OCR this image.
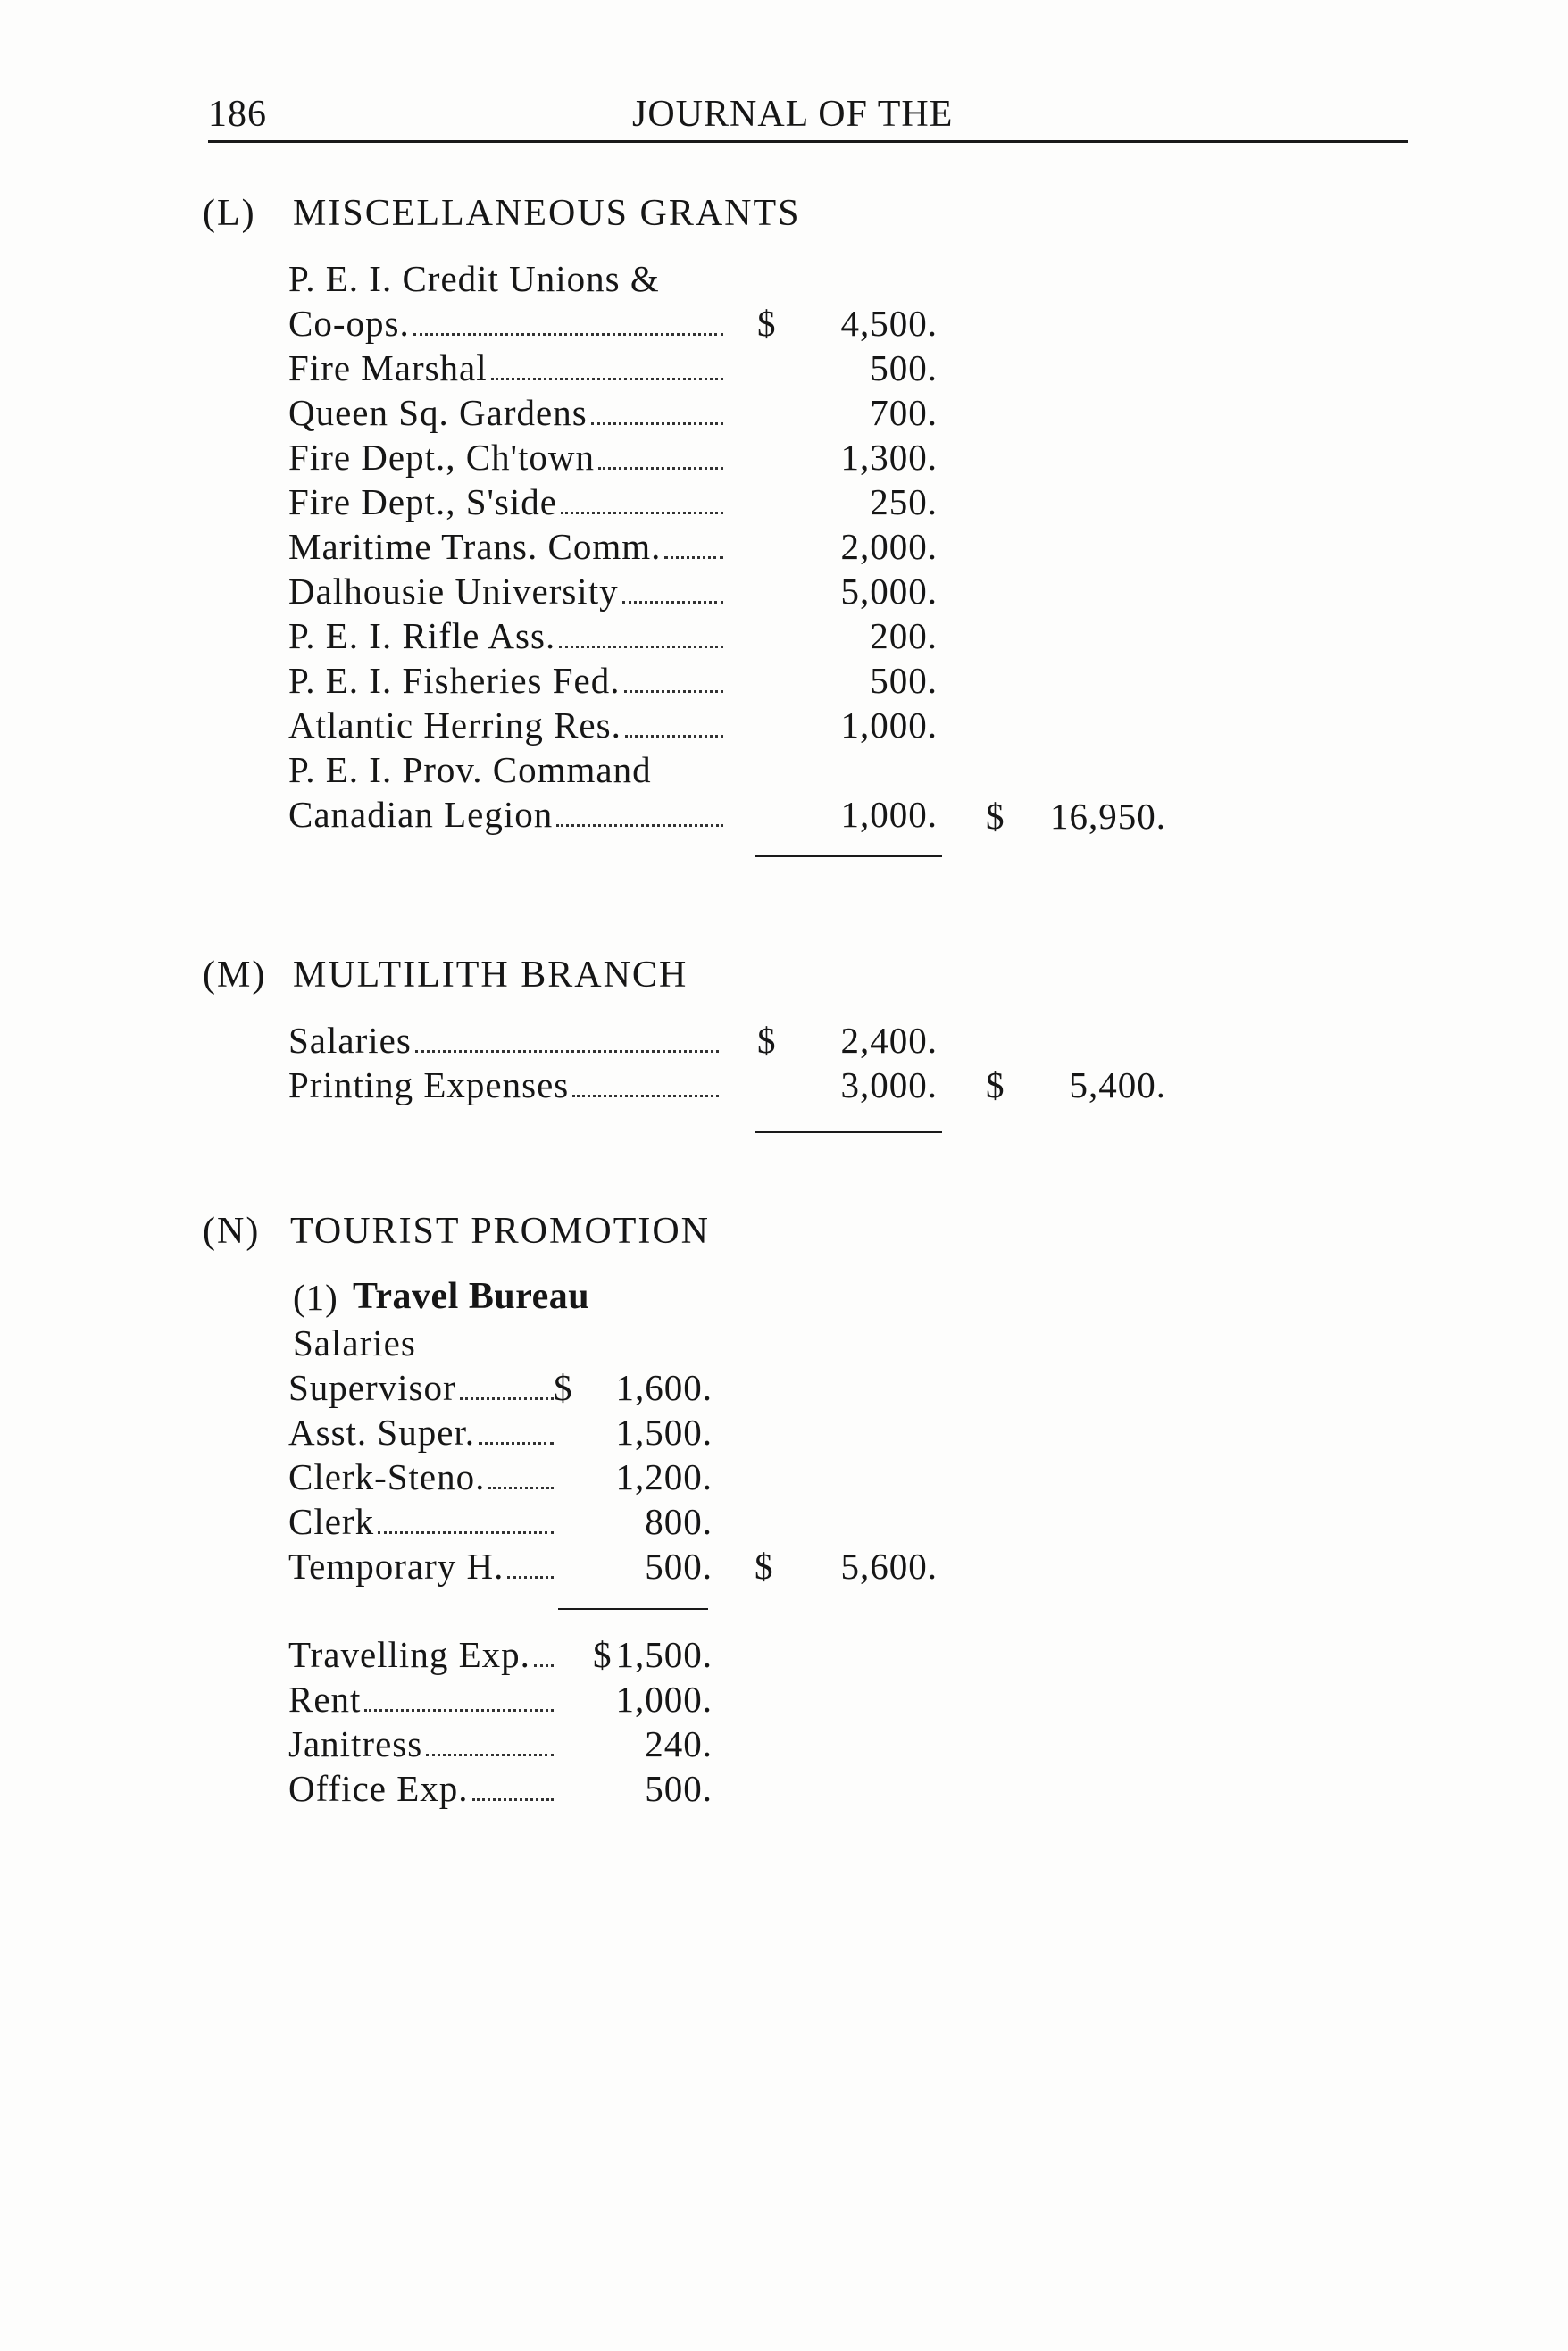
186	JOURNAL OF THE
(L) MISCELLANEOUS GRANTS
P. E. I. Credit Unions &
Co-ops.	$ 4,500.
Fire Marshal	500.
Queen Sq. Gardens	700.
Fire Dept., Ch'town	1,300.
Fire Dept., S'side	250.
Maritime Trans. Comm.	2,000.
Dalhousie University	5,000.
P. E. I. Rifle Ass.	200.
P. E. I. Fisheries Fed.	500.
Atlantic Herring Res.	1,000.
P. E. I. Prov. Command
Canadian Legion	1,000. $ 16,950.
(M) MULTILITH BRANCH
Salaries	$ 2,400.
Printing Expenses	3,000. $ 5,400.
(N) TOURIST PROMOTION
(1) Travel Bureau
Salaries
Supervisor	$ 1,600.
Asst. Super.	1,500.
Clerk-Steno.	1,200.
Clerk	800.
Temporary H.	500. $ 5,600.
Travelling Exp. $ 1,500.
Rent	1,000.
Janitress	240.
Office Exp.	500.
